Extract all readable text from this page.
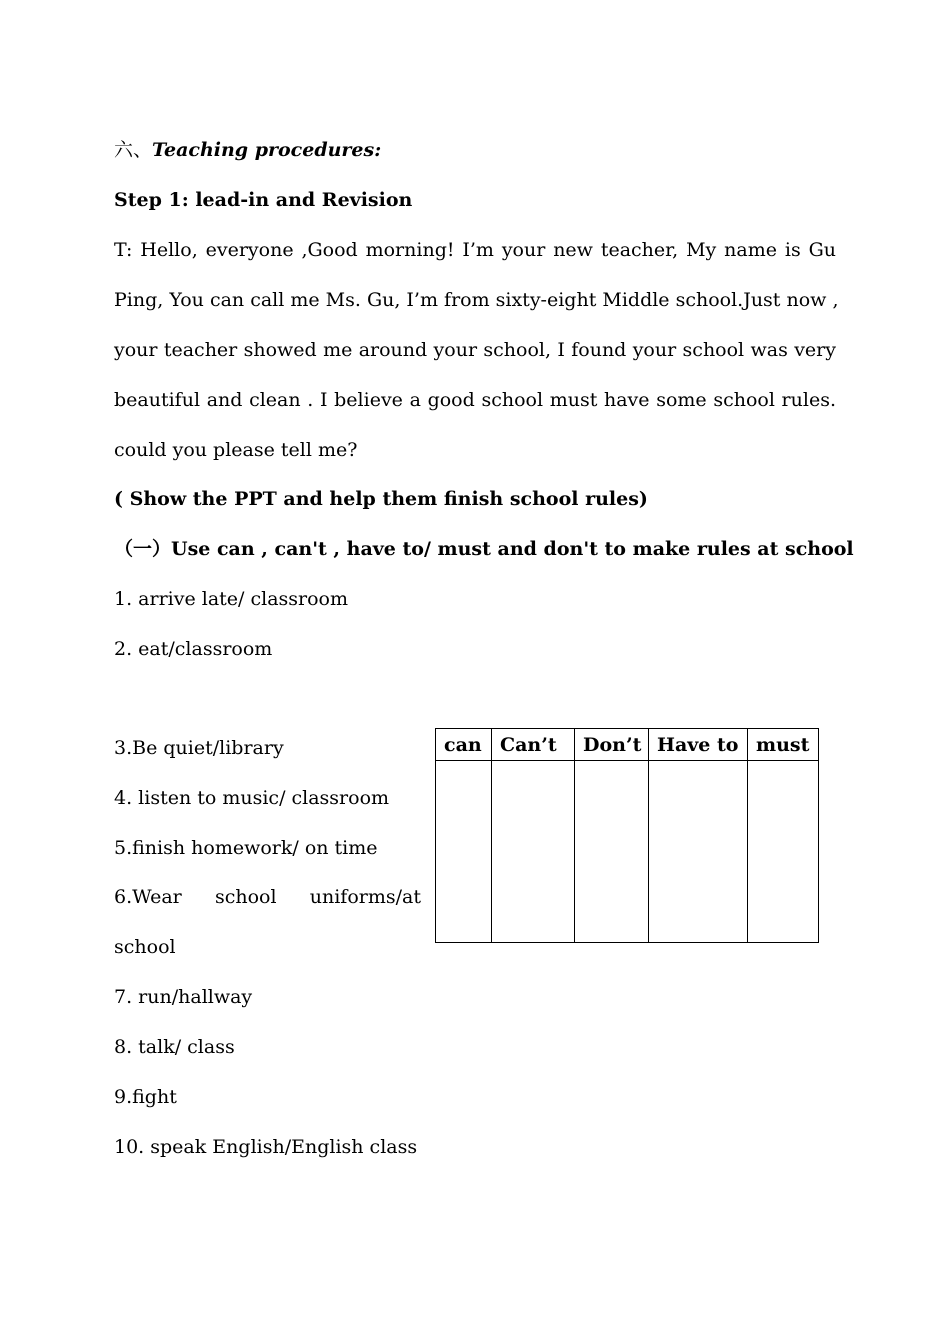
六、Teaching procedures:
Step 1: lead-in and Revision
T: Hello, everyone ,Good morning! I’m your new teacher, My name is Gu
Ping, You can call me Ms. Gu, I’m from sixty-eight Middle school.Just now ,
your teacher showed me around your school, I found your school was very
beautiful and clean . I believe a good school must have some school rules.
could you please tell me?
( Show the PPT and help them finish school rules)
（一）Use can , can't , have to/ must and don't to make rules at school
1. arrive late/ classroom
2. eat/classroom
3.Be quiet/library
4. listen to music/ classroom
5.finish homework/ on time
6.Wear school uniforms/at
school
7. run/hallway
8. talk/ class
9.fight
10. speak English/English class
can	Can’t	Don’t	Have to	must
